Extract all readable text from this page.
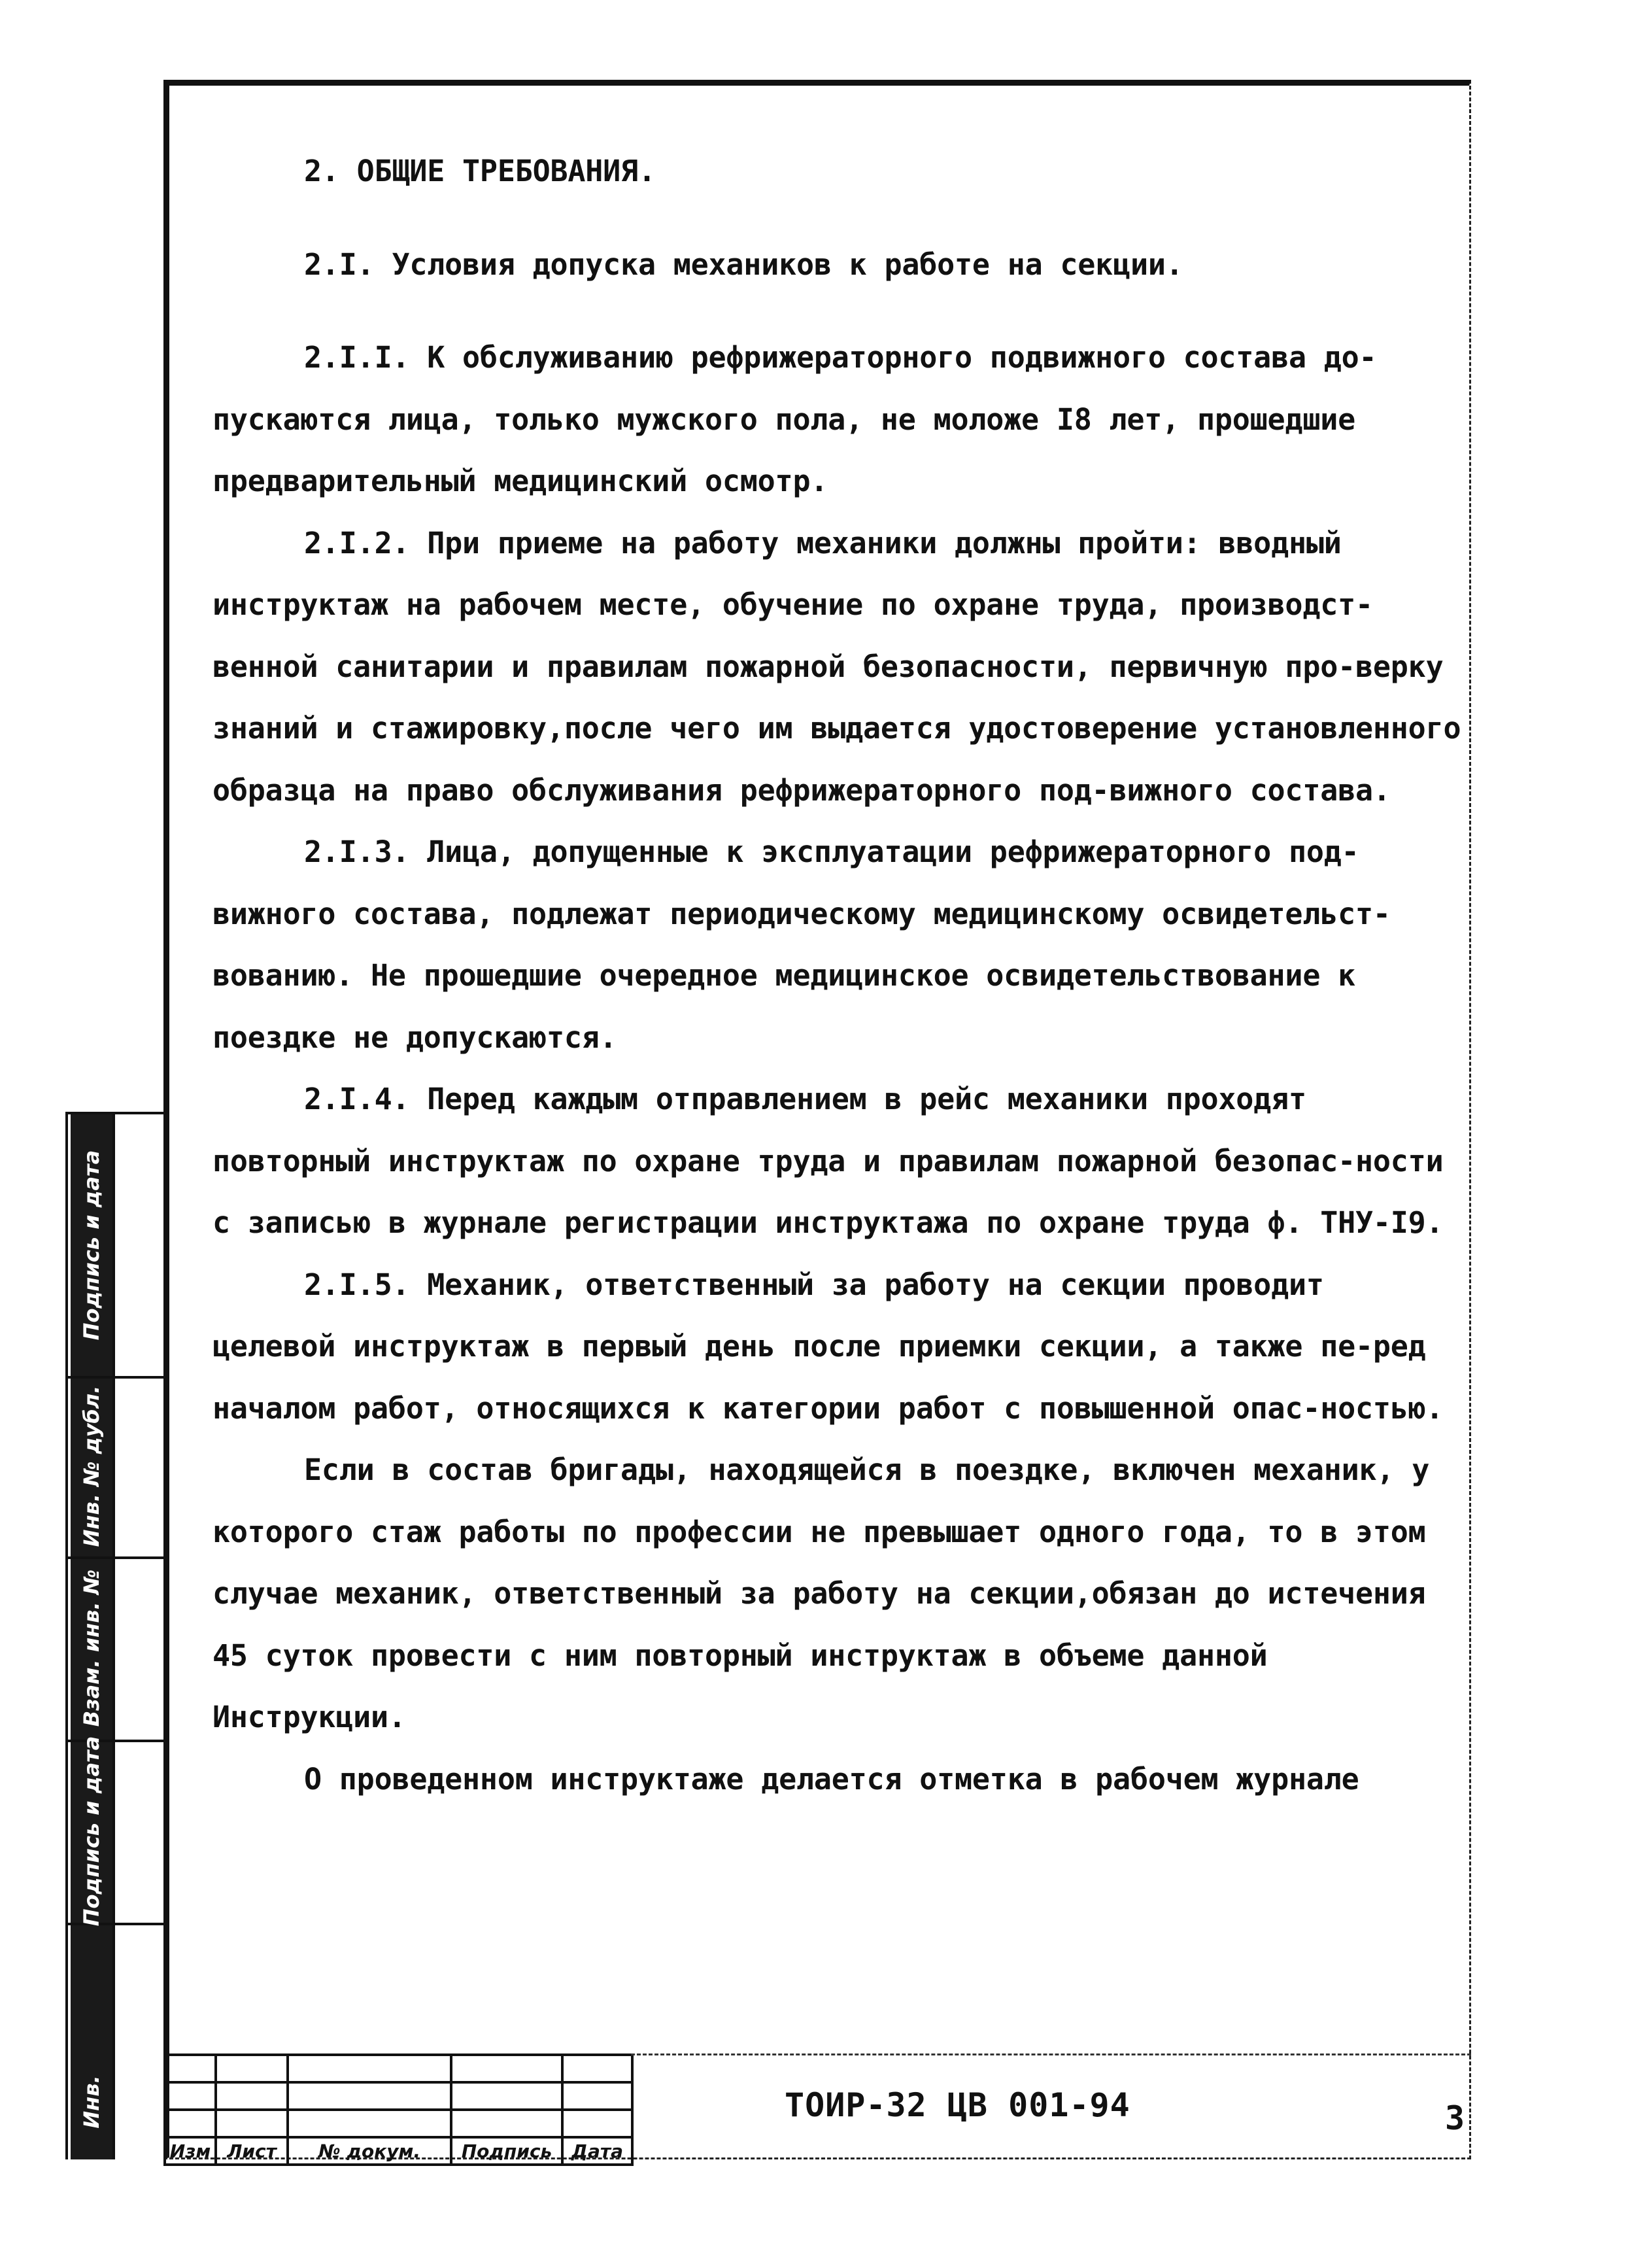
2. ОБЩИЕ ТРЕБОВАНИЯ.

2.I. Условия допуска механиков к работе на секции.

2.I.I. К обслуживанию рефрижераторного подвижного состава до-пускаются лица, только мужского пола, не моложе I8 лет, прошедшие предварительный медицинский осмотр.

2.I.2. При приеме на работу механики должны пройти: вводный инструктаж на рабочем месте, обучение по охране труда, производст-венной санитарии и правилам пожарной безопасности, первичную про-верку знаний и стажировку,после чего им выдается удостоверение установленного образца на право обслуживания рефрижераторного под-вижного состава.

2.I.3. Лица, допущенные к эксплуатации рефрижераторного под-вижного состава, подлежат периодическому медицинскому освидетельст-вованию. Не прошедшие очередное медицинское освидетельствование к поездке не допускаются.

2.I.4. Перед каждым отправлением в рейс механики проходят повторный инструктаж по охране труда и правилам пожарной безопас-ности с записью в журнале регистрации инструктажа по охране труда ф. ТНУ-I9.

2.I.5. Механик, ответственный за работу на секции проводит целевой инструктаж в первый день после приемки секции, а также пе-ред началом работ, относящихся к категории работ с повышенной опас-ностью.

Если в состав бригады, находящейся в поездке, включен механик, у которого стаж работы по профессии не превышает одного года, то в этом случае механик, ответственный за работу на секции,обязан до истечения 45 суток провести с ним повторный инструктаж в объеме данной Инструкции.

О проведенном инструктаже делается отметка в рабочем журнале

Изм	Лист	№ докум.	Подпись	Дата
ТОИР-32 ЦВ 001-94	3
Подпись и дата
Инв. № дубл.
Взам. инв. №
Подпись и дата
Инв.
